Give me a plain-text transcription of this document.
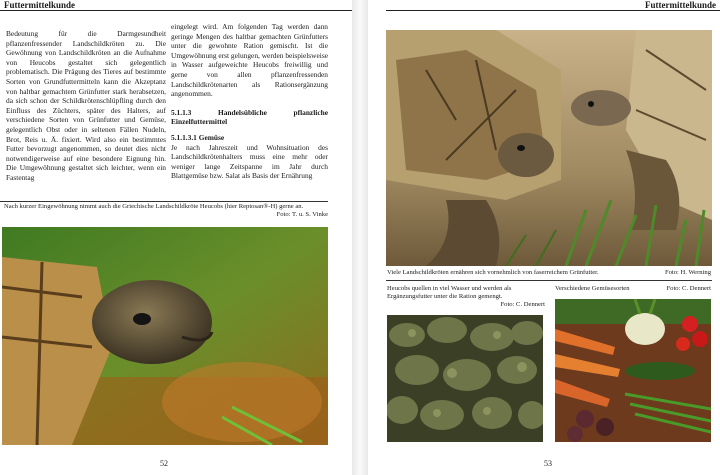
Futtermittelkunde

Bedeutung für die Darmgesundheit pflanzenfressender Landschildkröten zu. Die Gewöhnung von Landschildkröten an die Aufnahme von Heucobs gestaltet sich gelegentlich problematisch. Die Prägung des Tieres auf bestimmte Sorten von Grundfuttermitteln kann die Akzeptanz von haltbar gemachtem Grünfutter stark herabsetzen, da sich schon der Schildkrötenschlüpfling durch den Einfluss des Züchters, später des Halters, auf verschiedene Sorten von Grünfutter und Gemüse, gelegentlich Obst oder in seltenen Fällen Nudeln, Brot, Reis u. Ä. fixiert. Wird also ein bestimmtes Futter bevorzugt angenommen, so deutet dies nicht notwendigerweise auf eine besondere Eignung hin. Die Umgewöhnung gestaltet sich leichter, wenn ein Fastentag

eingelegt wird. Am folgenden Tag werden dann geringe Mengen des haltbar gemachten Grünfutters unter die gewohnte Ration gemischt. Ist die Umgewöhnung erst gelungen, werden beispielsweise in Wasser aufgeweichte Heucobs freiwillig und gerne von allen pflanzenfressenden Landschildkrötenarten als Rationsergänzung angenommen.

5.1.1.3 Handelsübliche pflanzliche Einzelfuttermittel

5.1.1.3.1 Gemüse

Je nach Jahreszeit und Wohnsituation des Landschildkrötenhalters muss eine mehr oder weniger lange Zeitspanne im Jahr durch Blattgemüse bzw. Salat als Basis der Ernährung

Nach kurzer Eingewöhnung nimmt auch die Griechische Landschildkröte Heucobs (hier Reptosan®-H) gerne an.
Foto: T. u. S. Vinke
52
Futtermittelkunde
Viele Landschildkröten ernähren sich vornehmlich von faserreichem Grünfutter.	Foto: H. Werning
Heucobs quellen in viel Wasser und werden als Ergänzungsfutter unter die Ration gemengt.
Foto: C. Dennert
Verschiedene Gemüsesorten	Foto: C. Dennert
53
